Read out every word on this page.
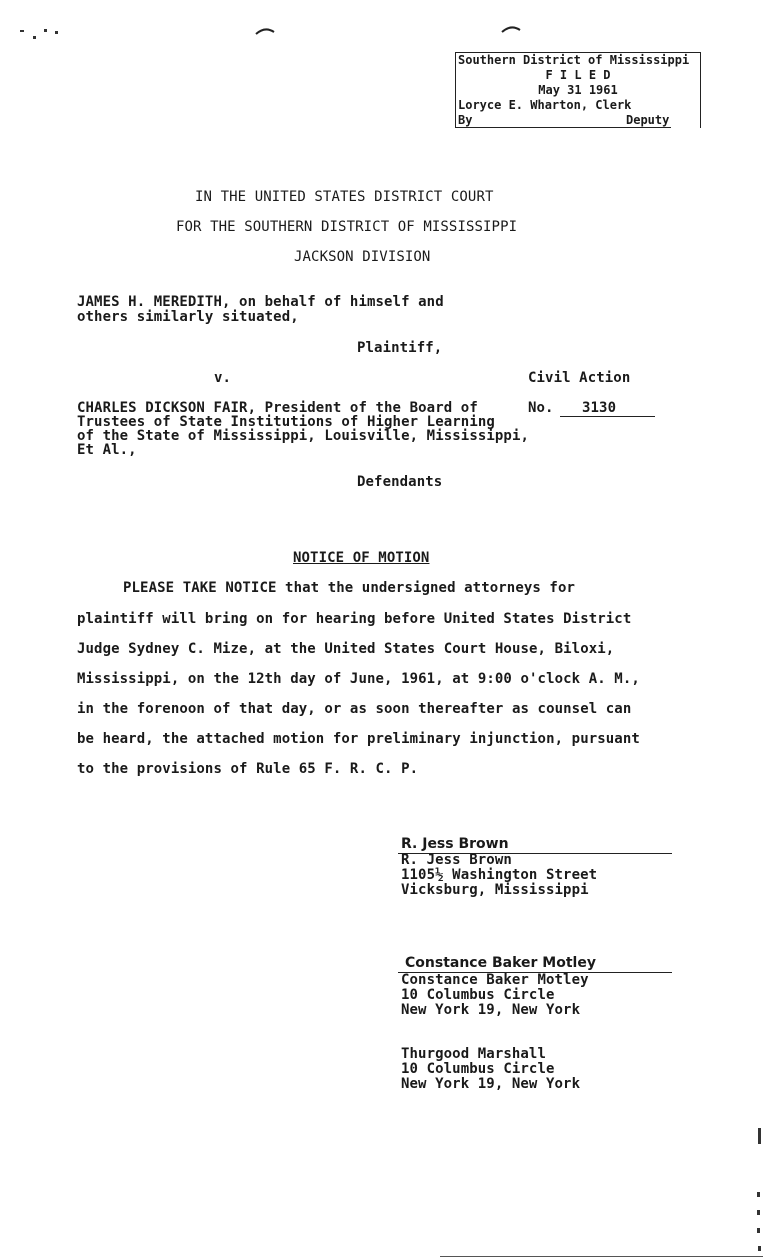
Southern District of Mississippi
F I L E D
May 31 1961
Loryce E. Wharton, Clerk
By	Deputy
IN THE UNITED STATES DISTRICT COURT
FOR THE SOUTHERN DISTRICT OF MISSISSIPPI
JACKSON DIVISION
JAMES H. MEREDITH, on behalf of himself and
others similarly situated,
Plaintiff,
v.	Civil Action
No. 3130
CHARLES DICKSON FAIR, President of the Board of
Trustees of State Institutions of Higher Learning
of the State of Mississippi, Louisville, Mississippi,
Et Al.,
Defendants
NOTICE OF MOTION
PLEASE TAKE NOTICE that the undersigned attorneys for
plaintiff will bring on for hearing before United States District
Judge Sydney C. Mize, at the United States Court House, Biloxi,
Mississippi, on the 12th day of June, 1961, at 9:00 o'clock A. M.,
in the forenoon of that day, or as soon thereafter as counsel can
be heard, the attached motion for preliminary injunction, pursuant
to the provisions of Rule 65 F. R. C. P.
R. Jess Brown
R. Jess Brown
1105½ Washington Street
Vicksburg, Mississippi
Constance Baker Motley
Constance Baker Motley
10 Columbus Circle
New York 19, New York
Thurgood Marshall
10 Columbus Circle
New York 19, New York
